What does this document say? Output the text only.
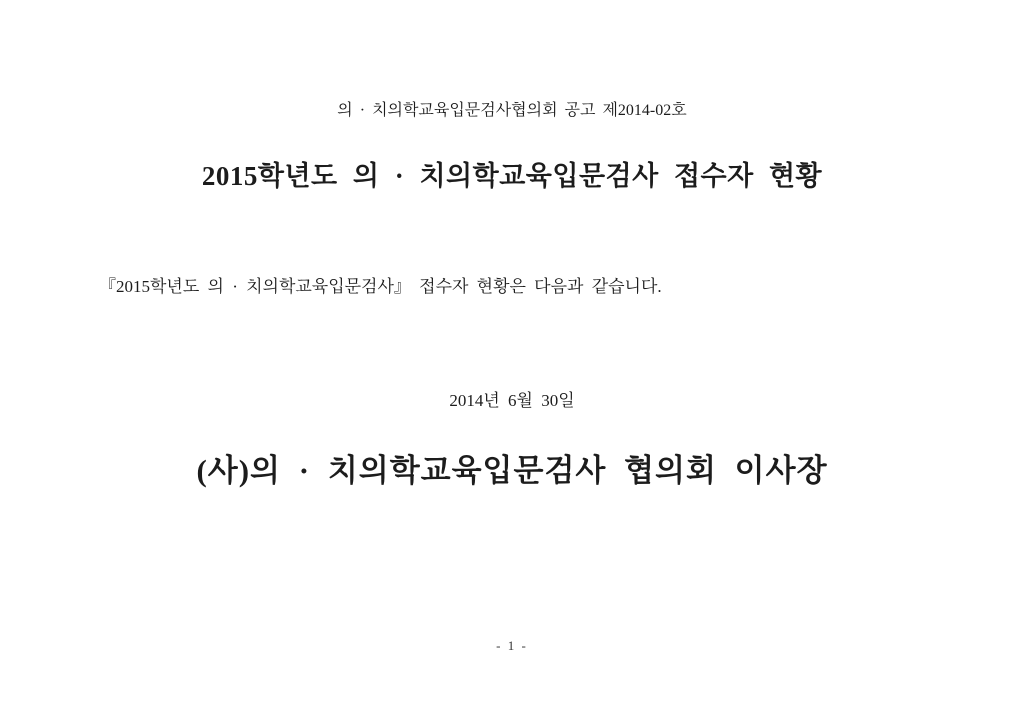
의 · 치의학교육입문검사협의회 공고 제2014-02호
2015학년도 의 · 치의학교육입문검사 접수자 현황
『2015학년도 의 · 치의학교육입문검사』 접수자 현황은 다음과 같습니다.
2014년 6월 30일
(사)의 · 치의학교육입문검사 협의회 이사장
- 1 -
